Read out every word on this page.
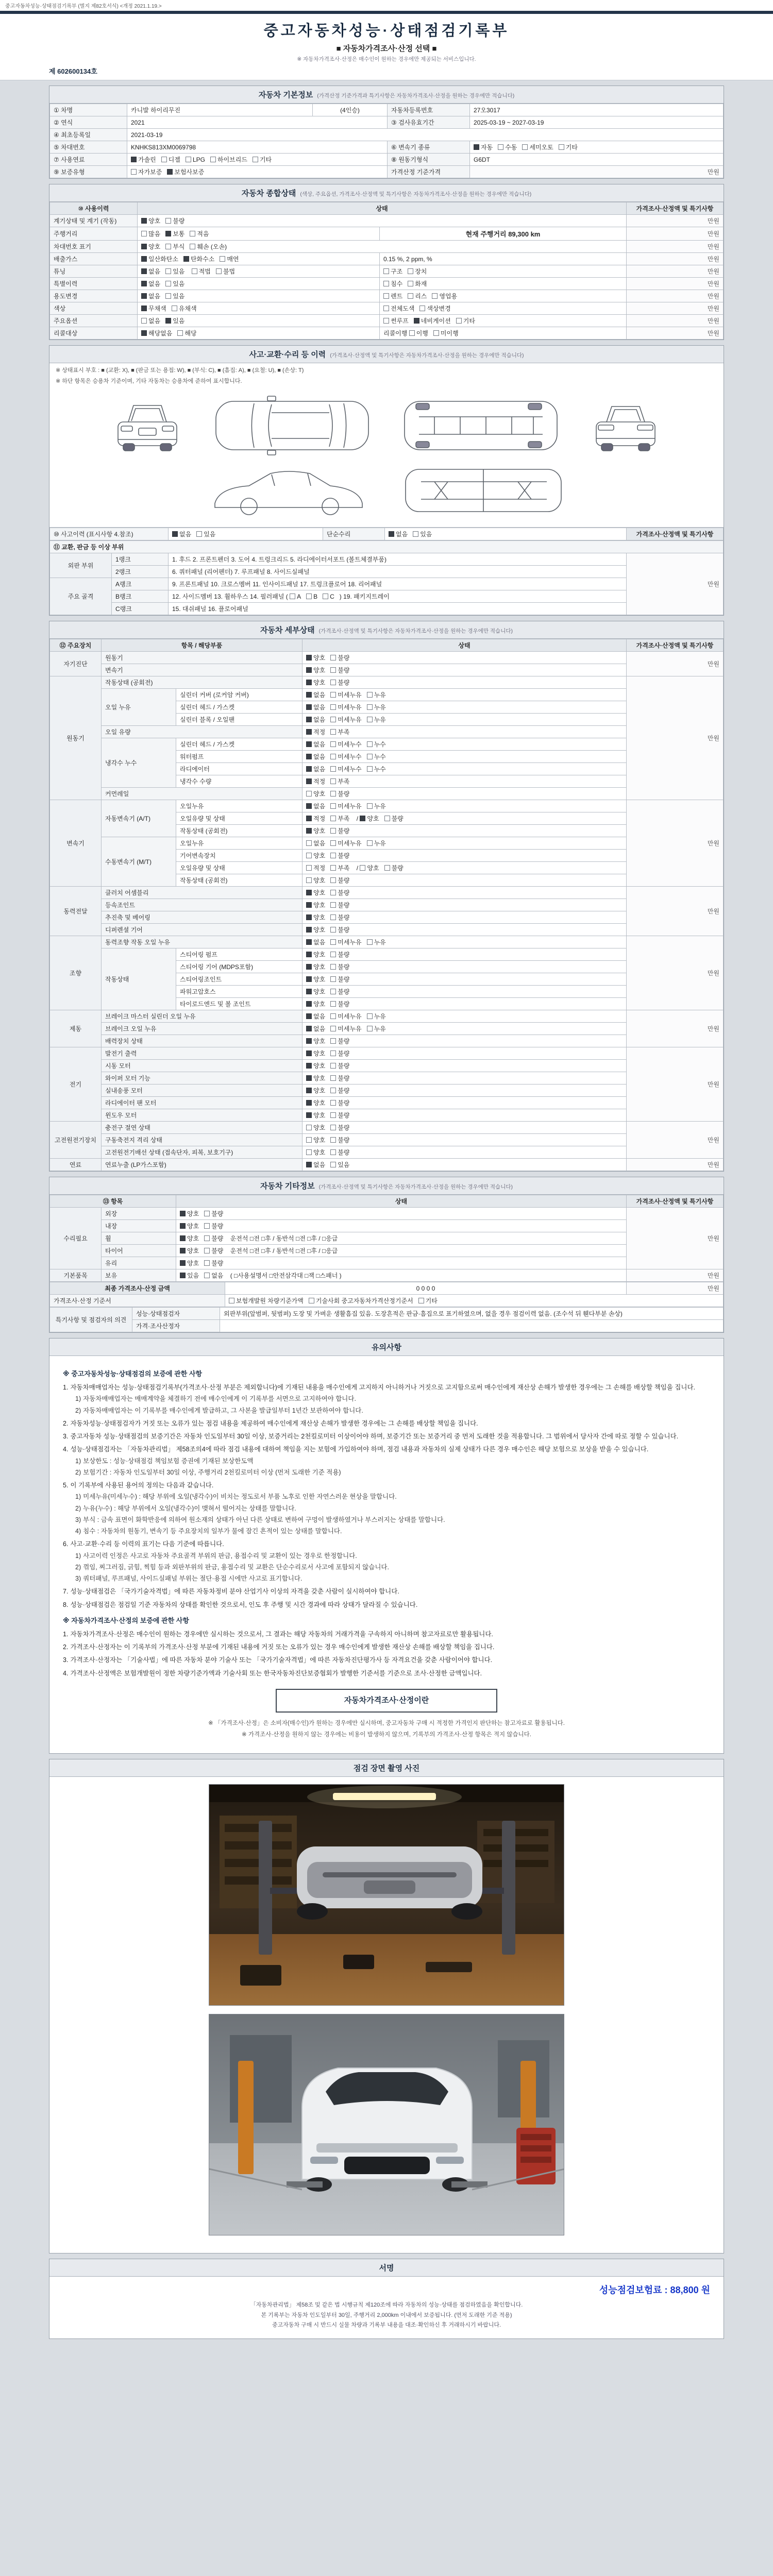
중고자동차성능·상태점검기록부 (별지 제82호서식) <개정 2021.1.19.>
중고자동차성능·상태점검기록부
■ 자동차가격조사·산정 선택 ■
※ 자동차가격조사·산정은 매수인이 원하는 경우에만 제공되는 서비스입니다.
제 602600134호
자동차 기본정보 (가격산정 기준가격과 특기사항은 자동차가격조사·산정을 원하는 경우에만 적습니다)
① 차명	카니발 하이리무진	(4인승)	자동차등록번호	27오3017
② 연식	2021		③ 검사유효기간	2025-03-19 ~ 2027-03-19
④ 최초등록일	2021-03-19			
⑤ 차대번호	KNHKS813XM0069798		⑥ 변속기 종류	자동 수동 세미오토 기타
⑦ 사용연료	가솔린 디젤 LPG 하이브리드 기타		⑧ 원동기형식	G6DT
⑨ 보증유형	자가보증 보험사보증		가격산정 기준가격	만원
자동차 종합상태 (색상, 주요옵션, 가격조사·산정액 및 특기사항은 자동차가격조사·산정을 원하는 경우에만 적습니다)
⑩ 사용이력	상태		가격조사·산정액 및 특기사항
계기상태 및 계기 (작동)	양호 불량		만원
주행거리	많음 보통 적음	현재 주행거리 89,300 km	만원
차대번호 표기	양호 부식 훼손 (오손)		만원
배출가스	일산화탄소 탄화수소 매연	0.15 %, 2 ppm, %	만원
튜닝	없음 있음 적법 불법	구조 장치	만원
특별이력	없음 있음	침수 화재	만원
용도변경	없음 있음	렌트 리스 영업용	만원
색상	무채색 유채색	전체도색 색상변경	만원
주요옵션	없음 있음	썬루프 네비게이션 기타	만원
리콜대상	해당없음 해당	리콜이행 이행 미이행	만원
사고·교환·수리 등 이력 (가격조사·산정액 및 특기사항은 자동차가격조사·산정을 원하는 경우에만 적습니다)
※ 상태표시 부호 : ■ (교환: X), ■ (판금 또는 용접: W), ■ (부식: C), ■ (흠집: A), ■ (요철: U), ■ (손상: T)
※ 하단 항목은 승용차 기준이며, 기타 자동차는 승용차에 준하여 표시합니다.
⑩ 사고이력 (표시사항 4.참조)	없음 있음	단순수리	없음 있음	가격조사·산정액 및 특기사항
⑪ 교환, 판금 등 이상 부위			
외판 부위	1랭크	1. 후드 2. 프론트펜더 3. 도어 4. 트렁크리드 5. 라디에이터서포트 (볼트체결부품)	만원
	2랭크	6. 쿼터패널 (리어펜더) 7. 루프패널 8. 사이드실패널	
주요 골격	A랭크	9. 프론트패널 10. 크로스멤버 11. 인사이드패널 17. 트렁크플로어 18. 리어패널	
	B랭크	12. 사이드멤버 13. 휠하우스 14. 필러패널 ( A B C ) 19. 패키지트레이	
	C랭크	15. 대쉬패널 16. 플로어패널	
자동차 세부상태 (가격조사·산정액 및 특기사항은 자동차가격조사·산정을 원하는 경우에만 적습니다)
⑫ 주요장치	항목 / 해당부품		상태	가격조사·산정액 및 특기사항
자기진단	원동기		양호 불량	만원
	변속기		양호 불량	
원동기	작동상태 (공회전)		양호 불량	만원
	오일 누유	실린더 커버 (로커암 커버)	없음 미세누유 누유	
		실린더 헤드 / 가스켓	없음 미세누유 누유	
		실린더 블록 / 오일팬	없음 미세누유 누유	
	오일 유량		적정 부족	
	냉각수 누수	실린더 헤드 / 가스켓	없음 미세누수 누수	
		워터펌프	없음 미세누수 누수	
		라디에이터	없음 미세누수 누수	
		냉각수 수량	적정 부족	
	커먼레일		양호 불량	
변속기	자동변속기 (A/T)	오일누유	없음 미세누유 누유	만원
		오일유량 및 상태	적정 부족 / 양호 불량	
		작동상태 (공회전)	양호 불량	
	수동변속기 (M/T)	오일누유	없음 미세누유 누유	
		기어변속장치	양호 불량	
		오일유량 및 상태	적정 부족 / 양호 불량	
		작동상태 (공회전)	양호 불량	
동력전달	클러치 어셈블리		양호 불량	만원
	등속조인트		양호 불량	
	추진축 및 베어링		양호 불량	
	디퍼렌셜 기어		양호 불량	
조향	동력조향 작동 오일 누유		없음 미세누유 누유	만원
	작동상태	스티어링 펌프	양호 불량	
		스티어링 기어 (MDPS포함)	양호 불량	
		스티어링조인트	양호 불량	
		파워고압호스	양호 불량	
		타이로드엔드 및 볼 조인트	양호 불량	
제동	브레이크 마스터 실린더 오일 누유		없음 미세누유 누유	만원
	브레이크 오일 누유		없음 미세누유 누유	
	배력장치 상태		양호 불량	
전기	발전기 출력		양호 불량	만원
	시동 모터		양호 불량	
	와이퍼 모터 기능		양호 불량	
	실내송풍 모터		양호 불량	
	라디에이터 팬 모터		양호 불량	
	윈도우 모터		양호 불량	
고전원전기장치	충전구 절연 상태		양호 불량	만원
	구동축전지 격리 상태		양호 불량	
	고전원전기배선 상태 (접속단자, 피복, 보호기구)		양호 불량	
연료	연료누출 (LP가스포함)		없음 있음	만원
자동차 기타정보 (가격조사·산정액 및 특기사항은 자동차가격조사·산정을 원하는 경우에만 적습니다)
⑬ 항목		상태	가격조사·산정액 및 특기사항
수리필요	외장	양호 불량	만원
	내장	양호 불량	
	휠	양호 불량 운전석 □전 □후 / 동반석 □전 □후 / □응급	
	타이어	양호 불량 운전석 □전 □후 / 동반석 □전 □후 / □응급	
	유리	양호 불량	
기본품목	보유	있음 없음 ( □사용설명서 □안전삼각대 □잭 □스패너 )	만원
최종 가격조사·산정 금액	0 0 0 0	만원
가격조사·산정 기준서	보험개발원 차량기준가액 기술사회 중고자동차가격산정기준서 기타	
특기사항 및 점검자의 의견	성능·상태점검자	외판부위(앞범퍼, 뒷범퍼) 도장 및 가벼운 생활흠집 있음. 도장흔적은 판금·흠집으로 표기하였으며, 없을 경우 점검이력 없음. (조수석 뒤 휀다부분 손상)
	가격·조사산정자	
유의사항
※ 중고자동차성능·상태점검의 보증에 관한 사항
1. 자동차매매업자는 성능·상태점검기록부(가격조사·산정 부분은 제외합니다)에 기재된 내용을 매수인에게 고지하지 아니하거나 거짓으로 고지함으로써 매수인에게 재산상 손해가 발생한 경우에는 그 손해를 배상할 책임을 집니다.
1) 자동차매매업자는 매매계약을 체결하기 전에 매수인에게 이 기록부를 서면으로 고지하여야 합니다.
2) 자동차매매업자는 이 기록부를 매수인에게 발급하고, 그 사본을 발급일부터 1년간 보관하여야 합니다.
2. 자동차성능·상태점검자가 거짓 또는 오류가 있는 점검 내용을 제공하여 매수인에게 재산상 손해가 발생한 경우에는 그 손해를 배상할 책임을 집니다.
3. 중고자동차 성능·상태점검의 보증기간은 자동차 인도일부터 30일 이상, 보증거리는 2천킬로미터 이상이어야 하며, 보증기간 또는 보증거리 중 먼저 도래한 것을 적용합니다. 그 범위에서 당사자 간에 따로 정할 수 있습니다.
4. 성능·상태점검자는 「자동차관리법」 제58조의4에 따라 점검 내용에 대하여 책임을 지는 보험에 가입하여야 하며, 점검 내용과 자동차의 실제 상태가 다른 경우 매수인은 해당 보험으로 보상을 받을 수 있습니다.
1) 보상한도 : 성능·상태점검 책임보험 증권에 기재된 보상한도액
2) 보험기간 : 자동차 인도일부터 30일 이상, 주행거리 2천킬로미터 이상 (먼저 도래한 기준 적용)
5. 이 기록부에 사용된 용어의 정의는 다음과 같습니다.
1) 미세누유(미세누수) : 해당 부위에 오일(냉각수)이 비치는 정도로서 부품 노후로 인한 자연스러운 현상을 말합니다.
2) 누유(누수) : 해당 부위에서 오일(냉각수)이 맺혀서 떨어지는 상태를 말합니다.
3) 부식 : 금속 표면이 화학반응에 의하여 원소재의 상태가 아닌 다른 상태로 변하여 구멍이 발생하였거나 부스러지는 상태를 말합니다.
4) 침수 : 자동차의 원동기, 변속기 등 주요장치의 일부가 물에 잠긴 흔적이 있는 상태를 말합니다.
6. 사고·교환·수리 등 이력의 표기는 다음 기준에 따릅니다.
1) 사고이력 인정은 사고로 자동차 주요골격 부위의 판금, 용접수리 및 교환이 있는 경우로 한정합니다.
2) 꺾임, 찌그러짐, 긁힘, 찍힘 등과 외판부위의 판금, 용접수리 및 교환은 단순수리로서 사고에 포함되지 않습니다.
3) 쿼터패널, 루프패널, 사이드실패널 부위는 절단·용접 시에만 사고로 표기합니다.
7. 성능·상태점검은 「국가기술자격법」에 따른 자동차정비 분야 산업기사 이상의 자격을 갖춘 사람이 실시하여야 합니다.
8. 성능·상태점검은 점검일 기준 자동차의 상태를 확인한 것으로서, 인도 후 주행 및 시간 경과에 따라 상태가 달라질 수 있습니다.
※ 자동차가격조사·산정의 보증에 관한 사항
1. 자동차가격조사·산정은 매수인이 원하는 경우에만 실시하는 것으로서, 그 결과는 해당 자동차의 거래가격을 구속하지 아니하며 참고자료로만 활용됩니다.
2. 가격조사·산정자는 이 기록부의 가격조사·산정 부분에 기재된 내용에 거짓 또는 오류가 있는 경우 매수인에게 발생한 재산상 손해를 배상할 책임을 집니다.
3. 가격조사·산정자는 「기술사법」에 따른 자동차 분야 기술사 또는 「국가기술자격법」에 따른 자동차진단평가사 등 자격요건을 갖춘 사람이어야 합니다.
4. 가격조사·산정액은 보험개발원이 정한 차량기준가액과 기술사회 또는 한국자동차진단보증협회가 발행한 기준서를 기준으로 조사·산정한 금액입니다.
자동차가격조사·산정이란
※ 「가격조사·산정」은 소비자(매수인)가 원하는 경우에만 실시하며, 중고자동차 구매 시 적정한 가격인지 판단하는 참고자료로 활용됩니다.
※ 가격조사·산정을 원하지 않는 경우에는 비용이 발생하지 않으며, 기록부의 가격조사·산정 항목은 적지 않습니다.
점검 장면 촬영 사진
서명
성능점검보험료 : 88,800 원
「자동차관리법」 제58조 및 같은 법 시행규칙 제120조에 따라 자동차의 성능·상태를 점검하였음을 확인합니다.
본 기록부는 자동차 인도일부터 30일, 주행거리 2,000km 이내에서 보증됩니다. (먼저 도래한 기준 적용)
중고자동차 구매 시 반드시 실물 차량과 기록부 내용을 대조·확인하신 후 거래하시기 바랍니다.
